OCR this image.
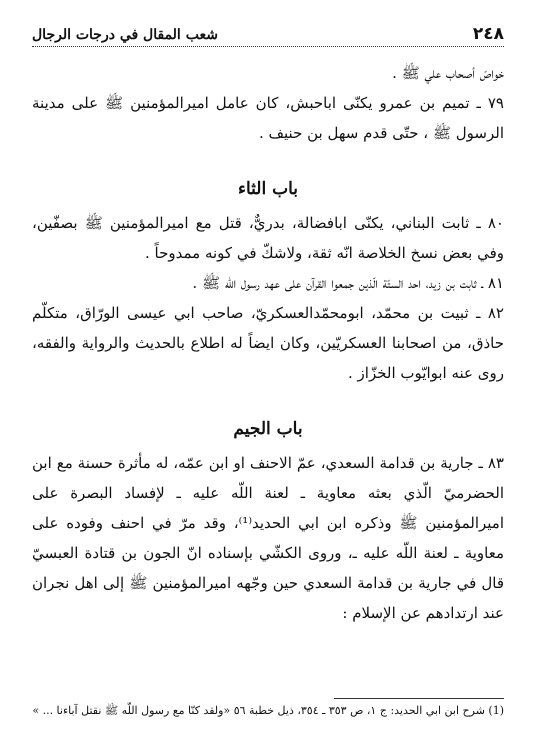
٢٤٨
شعب المقال في درجات الرجال

خواصّ أصحاب علي ﷺ .

٧٩ ـ تميم بن عمرو يكنّى اباحبش، كان عامل اميرالمؤمنين ﷺ على مدينة الرسول ﷺ ، حتّى قدم سهل بن حنيف .

باب الثاء

٨٠ ـ ثابت البناني، يكنّى ابافضالة، بدريٌّ، قتل مع اميرالمؤمنين ﷺ بصفّين، وفي بعض نسخ الخلاصة انّه ثقة، ولاشكّ في كونه ممدوحاً .

٨١ ـ ثابت بن زيد، احد الستّة الّذين جمعوا القرآن على عهد رسول اللّه ﷺ .

٨٢ ـ ثبيت بن محمّد، ابومحمّدالعسكريّ، صاحب ابي عيسى الورّاق، متكلّم حاذق، من اصحابنا العسكريّين، وكان ايضاً له اطلاع بالحديث والرواية والفقه، روى عنه ابوايّوب الخزّاز .

باب الجيم

٨٣ ـ جارية بن قدامة السعدي، عمّ الاحنف او ابن عمّه، له مأثرة حسنة مع ابن الحضرميّ الّذي بعثه معاوية ـ لعنة اللّه عليه ـ لإفساد البصرة على اميرالمؤمنين ﷺ وذكره ابن ابي الحديد⁽¹⁾، وقد مرّ في احنف وفوده على معاوية ـ لعنة اللّه عليه ـ، وروى الكشّي بإسناده انّ الجون بن قتادة العبسيّ قال في جارية بن قدامة السعدي حين وجّهه اميرالمؤمنين ﷺ إلى اهل نجران عند ارتدادهم عن الإسلام :

(1) شرح ابن ابي الحديد: ج ١، ص ٣٥٣ ـ ٣٥٤، ذيل خطبة ٥٦ «ولقد كنّا مع رسول اللّه ﷺ نقتل آباءنا ... »
